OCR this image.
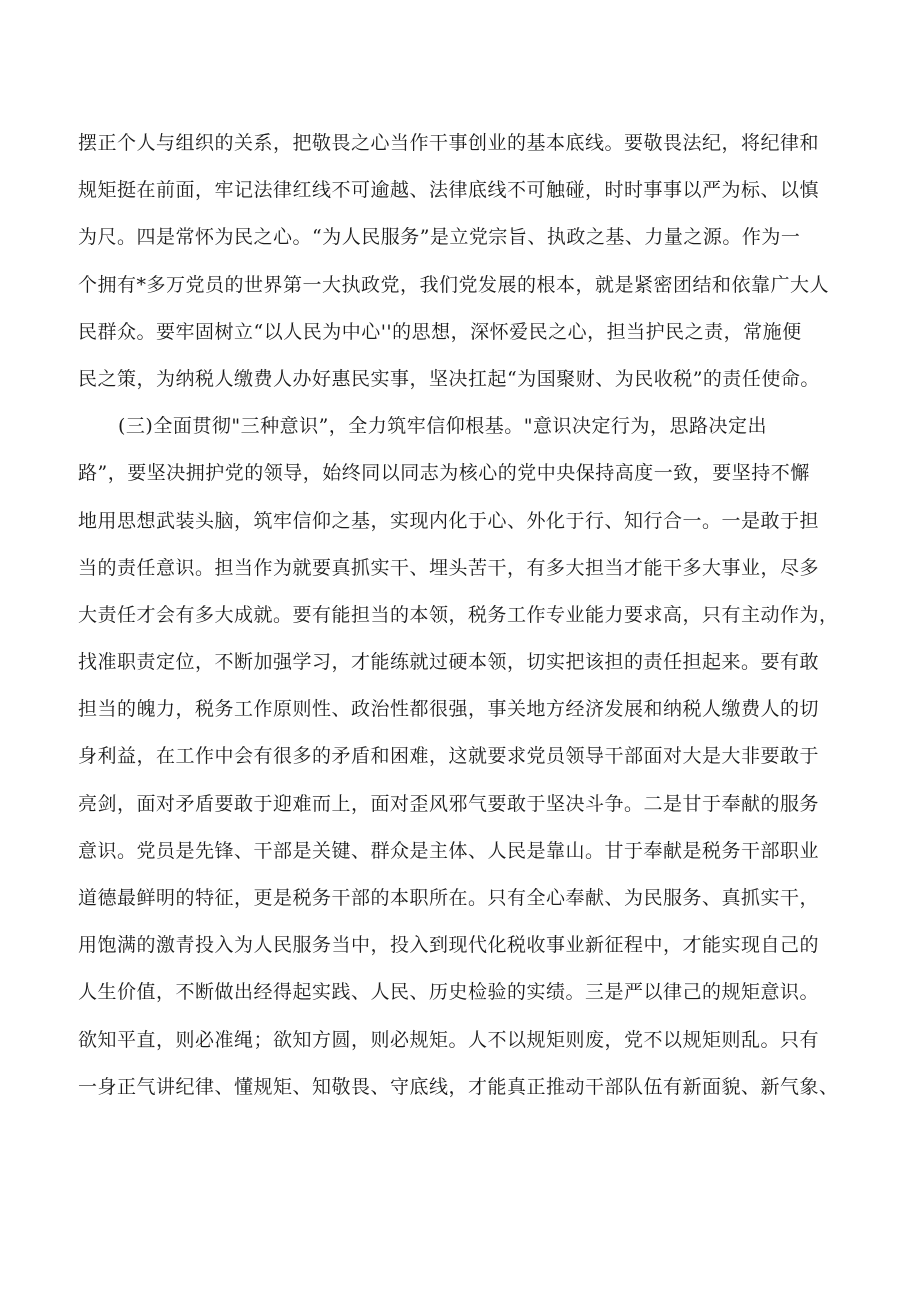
摆正个人与组织的关系，把敬畏之心当作干事创业的基本底线。要敬畏法纪，将纪律和
规矩挺在前面，牢记法律红线不可逾越、法律底线不可触碰，时时事事以严为标、以慎
为尺。四是常怀为民之心。“为人民服务”是立党宗旨、执政之基、力量之源。作为一
个拥有*多万党员的世界第一大执政党，我们党发展的根本，就是紧密团结和依靠广大人
民群众。要牢固树立“以人民为中心''的思想，深怀爱民之心，担当护民之责，常施便
民之策，为纳税人缴费人办好惠民实事，坚决扛起“为国聚财、为民收税”的责任使命。
(三)全面贯彻"三种意识”，全力筑牢信仰根基。"意识决定行为，思路决定出
路”，要坚决拥护党的领导，始终同以同志为核心的党中央保持高度一致，要坚持不懈
地用思想武装头脑，筑牢信仰之基，实现内化于心、外化于行、知行合一。一是敢于担
当的责任意识。担当作为就要真抓实干、埋头苦干，有多大担当才能干多大事业，尽多
大责任才会有多大成就。要有能担当的本领，税务工作专业能力要求高，只有主动作为，
找准职责定位，不断加强学习，才能练就过硬本领，切实把该担的责任担起来。要有敢
担当的魄力，税务工作原则性、政治性都很强，事关地方经济发展和纳税人缴费人的切
身利益，在工作中会有很多的矛盾和困难，这就要求党员领导干部面对大是大非要敢于
亮剑，面对矛盾要敢于迎难而上，面对歪风邪气要敢于坚决斗争。二是甘于奉献的服务
意识。党员是先锋、干部是关键、群众是主体、人民是靠山。甘于奉献是税务干部职业
道德最鲜明的特征，更是税务干部的本职所在。只有全心奉献、为民服务、真抓实干，
用饱满的激青投入为人民服务当中，投入到现代化税收事业新征程中，才能实现自己的
人生价值，不断做出经得起实践、人民、历史检验的实绩。三是严以律己的规矩意识。
欲知平直，则必准绳；欲知方圆，则必规矩。人不以规矩则废，党不以规矩则乱。只有
一身正气讲纪律、懂规矩、知敬畏、守底线，才能真正推动干部队伍有新面貌、新气象、
